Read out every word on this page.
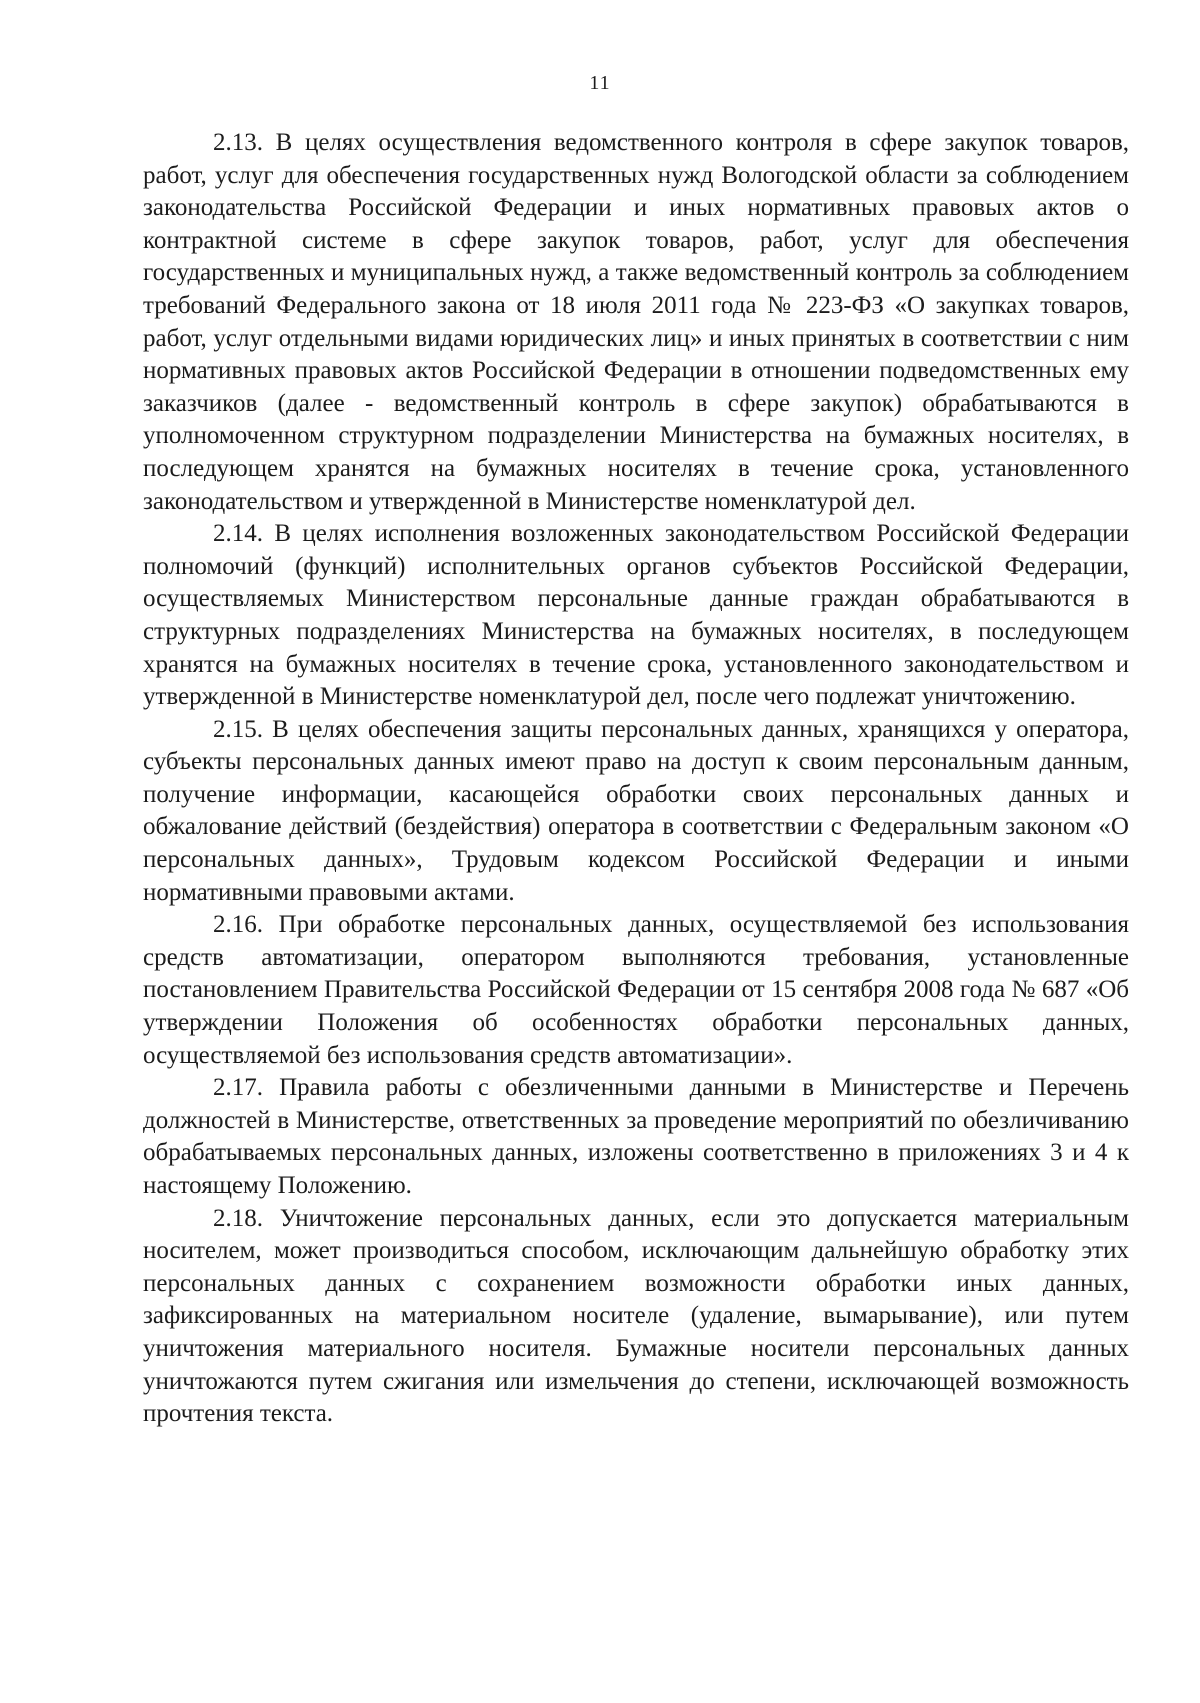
11

2.13. В целях осуществления ведомственного контроля в сфере закупок товаров, работ, услуг для обеспечения государственных нужд Вологодской области за соблюдением законодательства Российской Федерации и иных нормативных правовых актов о контрактной системе в сфере закупок товаров, работ, услуг для обеспечения государственных и муниципальных нужд, а также ведомственный контроль за соблюдением требований Федерального закона от 18 июля 2011 года № 223-ФЗ «О закупках товаров, работ, услуг отдельными видами юридических лиц» и иных принятых в соответствии с ним нормативных правовых актов Российской Федерации в отношении подведомственных ему заказчиков (далее - ведомственный контроль в сфере закупок) обрабатываются в уполномоченном структурном подразделении Министерства на бумажных носителях, в последующем хранятся на бумажных носителях в течение срока, установленного законодательством и утвержденной в Министерстве номенклатурой дел.

2.14. В целях исполнения возложенных законодательством Российской Федерации полномочий (функций) исполнительных органов субъектов Российской Федерации, осуществляемых Министерством персональные данные граждан обрабатываются в структурных подразделениях Министерства на бумажных носителях, в последующем хранятся на бумажных носителях в течение срока, установленного законодательством и утвержденной в Министерстве номенклатурой дел, после чего подлежат уничтожению.

2.15. В целях обеспечения защиты персональных данных, хранящихся у оператора, субъекты персональных данных имеют право на доступ к своим персональным данным, получение информации, касающейся обработки своих персональных данных и обжалование действий (бездействия) оператора в соответствии с Федеральным законом «О персональных данных», Трудовым кодексом Российской Федерации и иными нормативными правовыми актами.

2.16. При обработке персональных данных, осуществляемой без использования средств автоматизации, оператором выполняются требования, установленные постановлением Правительства Российской Федерации от 15 сентября 2008 года № 687 «Об утверждении Положения об особенностях обработки персональных данных, осуществляемой без использования средств автоматизации».

2.17. Правила работы с обезличенными данными в Министерстве и Перечень должностей в Министерстве, ответственных за проведение мероприятий по обезличиванию обрабатываемых персональных данных, изложены соответственно в приложениях 3 и 4 к настоящему Положению.

2.18. Уничтожение персональных данных, если это допускается материальным носителем, может производиться способом, исключающим дальнейшую обработку этих персональных данных с сохранением возможности обработки иных данных, зафиксированных на материальном носителе (удаление, вымарывание), или путем уничтожения материального носителя. Бумажные носители персональных данных уничтожаются путем сжигания или измельчения до степени, исключающей возможность прочтения текста.
